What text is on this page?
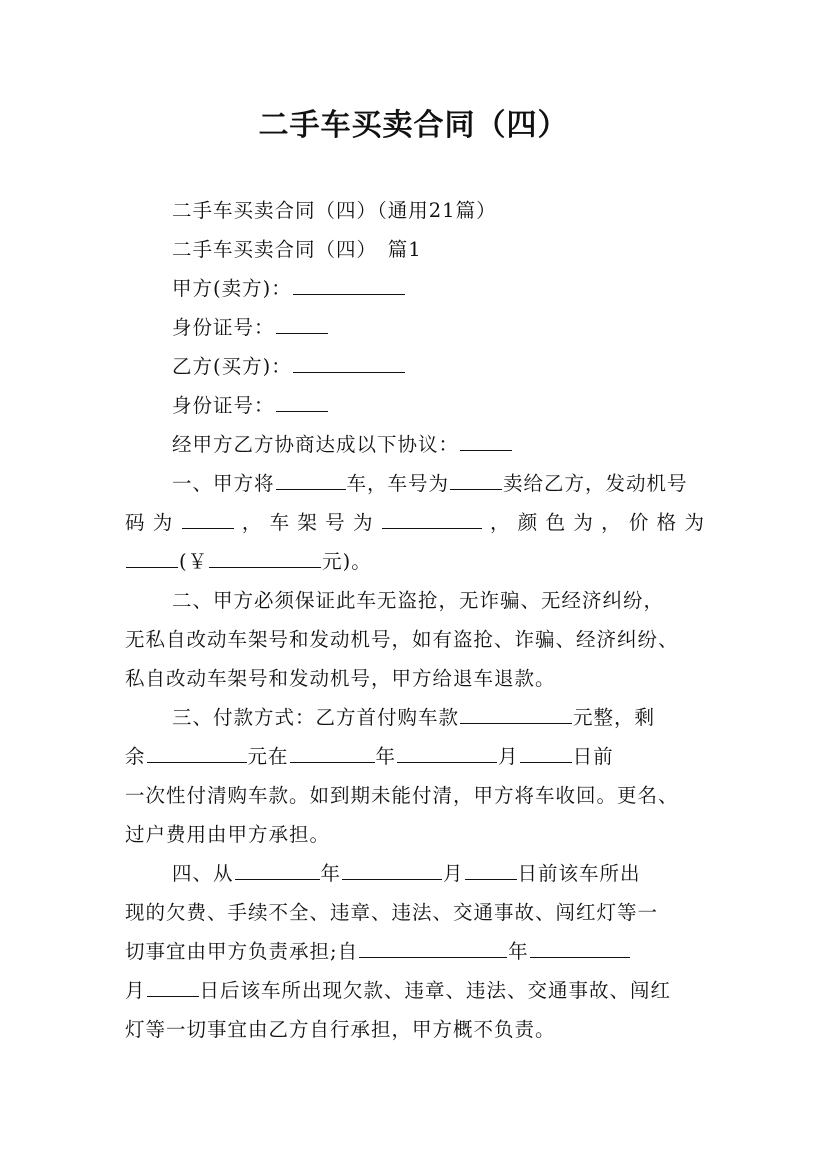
二手车买卖合同（四）
二手车买卖合同（四）（通用21篇）
二手车买卖合同（四）　篇1
甲方(卖方)：
身份证号：
乙方(买方)：
身份证号：
经甲方乙方协商达成以下协议：
一、甲方将	车，车号为	卖给乙方，发动机号
码为	，车架号为	，颜色为，价格为
(￥	元)。
二、甲方必须保证此车无盗抢，无诈骗、无经济纠纷，
无私自改动车架号和发动机号，如有盗抢、诈骗、经济纠纷、
私自改动车架号和发动机号，甲方给退车退款。
三、付款方式：乙方首付购车款	元整，剩
余	元在	年	月	日前
一次性付清购车款。如到期未能付清，甲方将车收回。更名、
过户费用由甲方承担。
四、从	年	月	日前该车所出
现的欠费、手续不全、违章、违法、交通事故、闯红灯等一
切事宜由甲方负责承担;自	年
月	日后该车所出现欠款、违章、违法、交通事故、闯红
灯等一切事宜由乙方自行承担，甲方概不负责。
